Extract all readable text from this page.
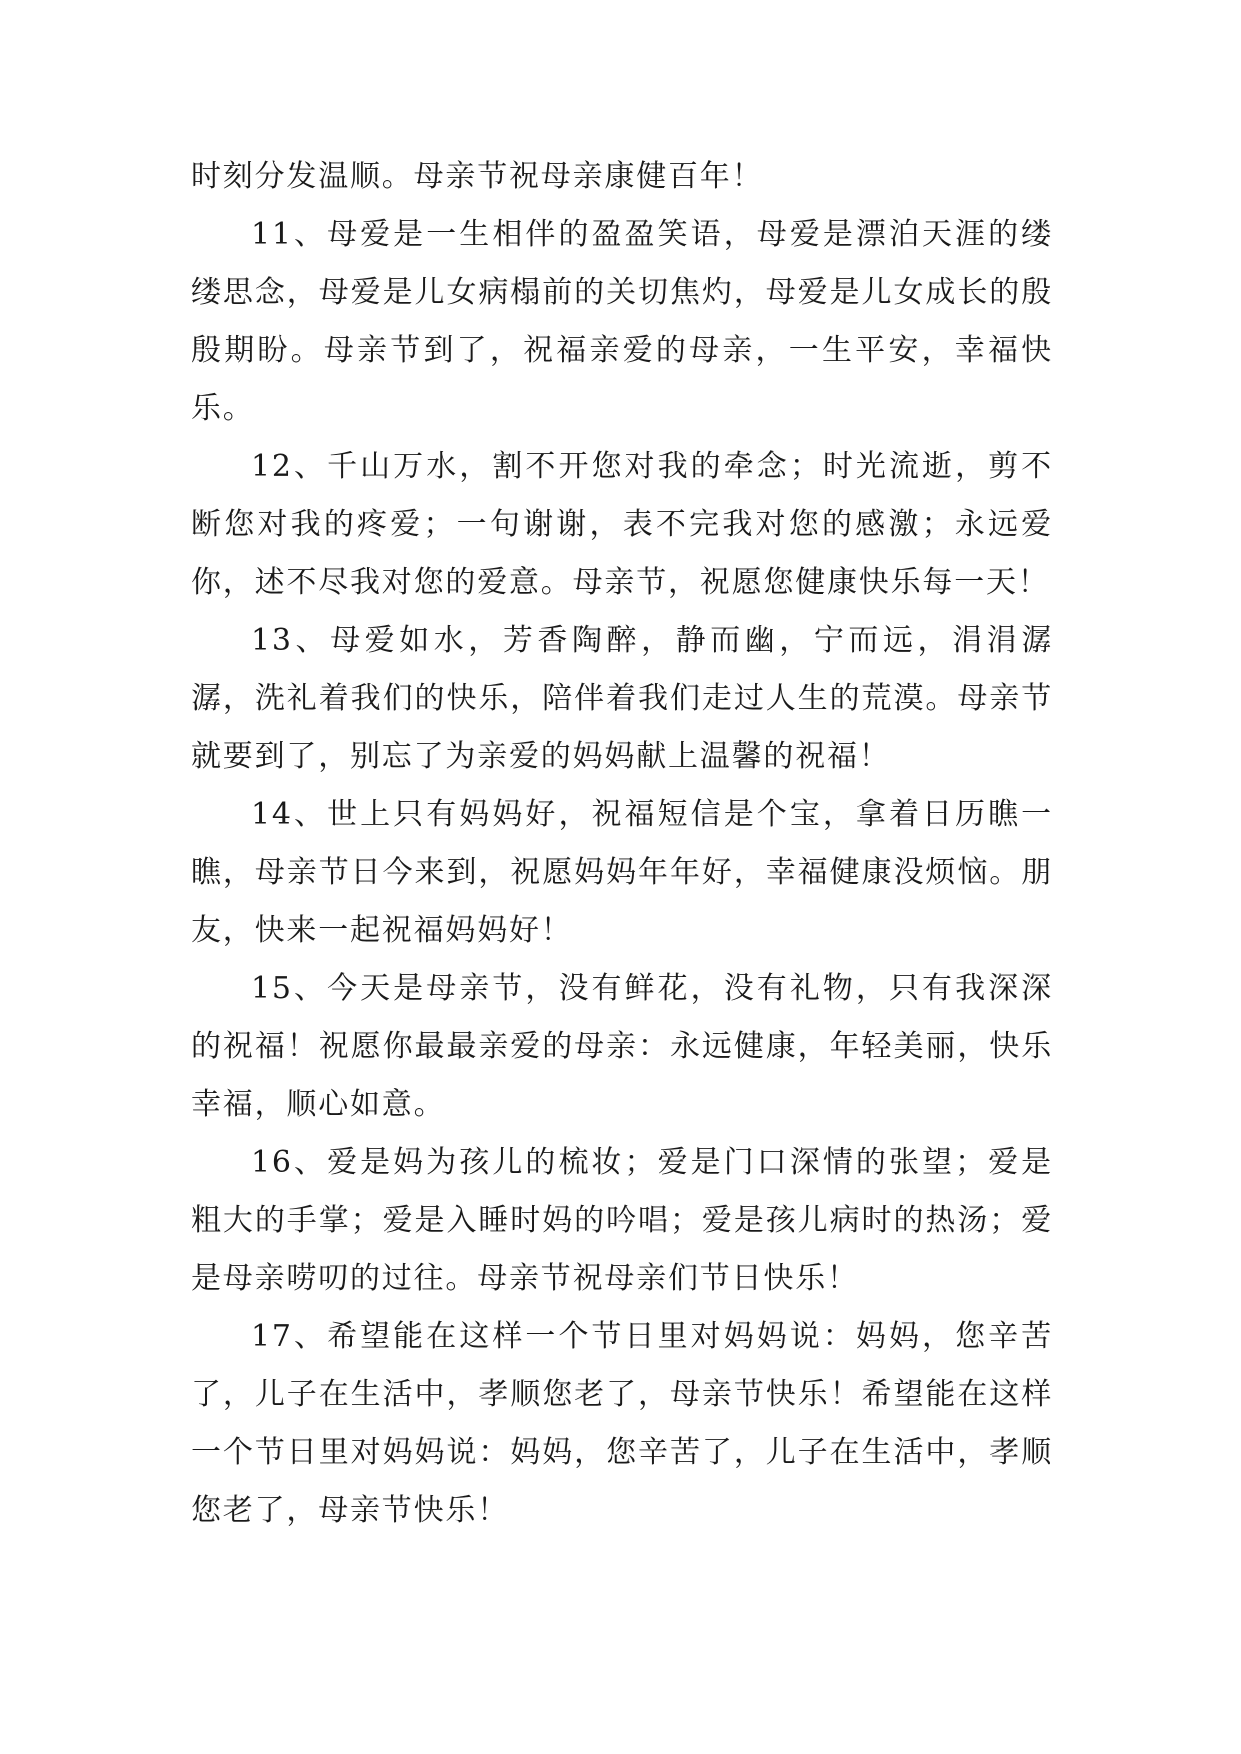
时刻分发温顺。母亲节祝母亲康健百年！

11、母爱是一生相伴的盈盈笑语，母爱是漂泊天涯的缕缕思念，母爱是儿女病榻前的关切焦灼，母爱是儿女成长的殷殷期盼。母亲节到了，祝福亲爱的母亲，一生平安，幸福快乐。

12、千山万水，割不开您对我的牵念；时光流逝，剪不断您对我的疼爱；一句谢谢，表不完我对您的感激；永远爱你，述不尽我对您的爱意。母亲节，祝愿您健康快乐每一天！

13、母爱如水，芳香陶醉，静而幽，宁而远，涓涓潺潺，洗礼着我们的快乐，陪伴着我们走过人生的荒漠。母亲节就要到了，别忘了为亲爱的妈妈献上温馨的祝福！

14、世上只有妈妈好，祝福短信是个宝，拿着日历瞧一瞧，母亲节日今来到，祝愿妈妈年年好，幸福健康没烦恼。朋友，快来一起祝福妈妈好！

15、今天是母亲节，没有鲜花，没有礼物，只有我深深的祝福！祝愿你最最亲爱的母亲：永远健康，年轻美丽，快乐幸福，顺心如意。

16、爱是妈为孩儿的梳妆；爱是门口深情的张望；爱是粗大的手掌；爱是入睡时妈的吟唱；爱是孩儿病时的热汤；爱是母亲唠叨的过往。母亲节祝母亲们节日快乐！

17、希望能在这样一个节日里对妈妈说：妈妈，您辛苦了，儿子在生活中，孝顺您老了，母亲节快乐！希望能在这样一个节日里对妈妈说：妈妈，您辛苦了，儿子在生活中，孝顺您老了，母亲节快乐！
